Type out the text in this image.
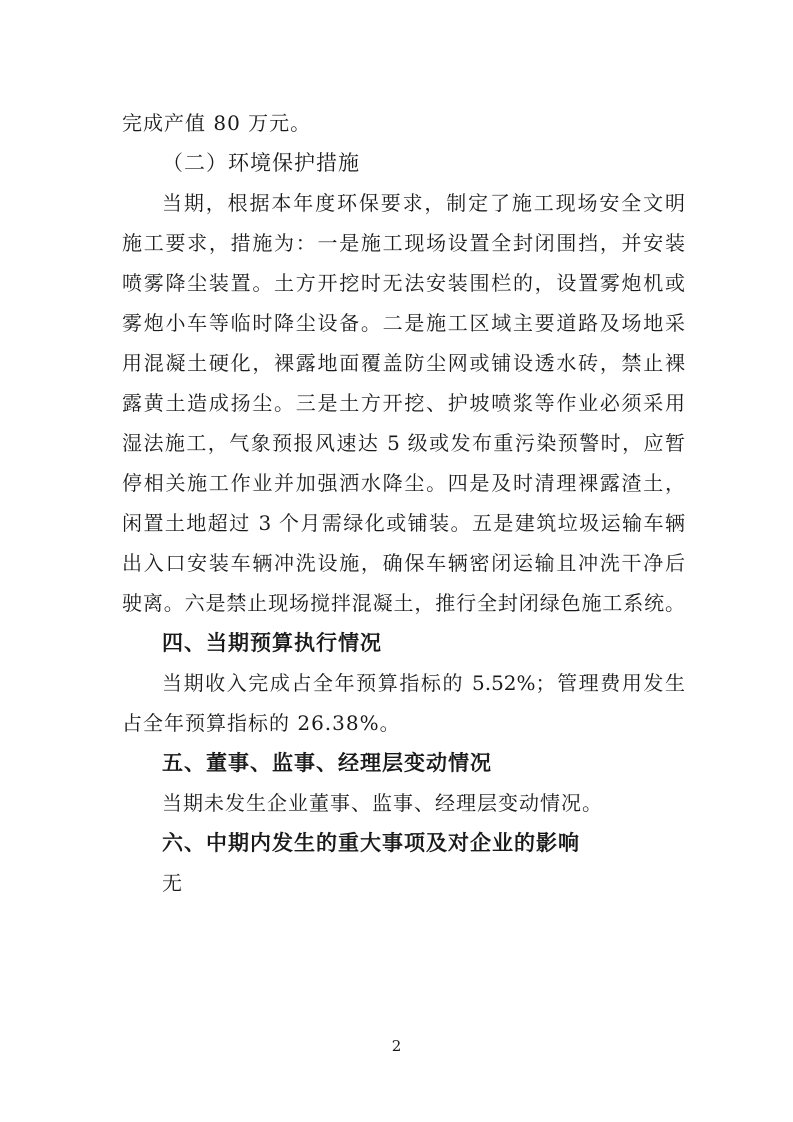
完成产值 80 万元。
（二）环境保护措施
当期，根据本年度环保要求，制定了施工现场安全文明
施工要求，措施为：一是施工现场设置全封闭围挡，并安装
喷雾降尘装置。土方开挖时无法安装围栏的，设置雾炮机或
雾炮小车等临时降尘设备。二是施工区域主要道路及场地采
用混凝土硬化，裸露地面覆盖防尘网或铺设透水砖，禁止裸
露黄土造成扬尘。三是土方开挖、护坡喷浆等作业必须采用
湿法施工，气象预报风速达 5 级或发布重污染预警时，应暂
停相关施工作业并加强洒水降尘。四是及时清理裸露渣土，
闲置土地超过 3 个月需绿化或铺装。五是建筑垃圾运输车辆
出入口安装车辆冲洗设施，确保车辆密闭运输且冲洗干净后
驶离。六是禁止现场搅拌混凝土，推行全封闭绿色施工系统。
四、当期预算执行情况
当期收入完成占全年预算指标的 5.52%；管理费用发生
占全年预算指标的 26.38%。
五、董事、监事、经理层变动情况
当期未发生企业董事、监事、经理层变动情况。
六、中期内发生的重大事项及对企业的影响
无
2
